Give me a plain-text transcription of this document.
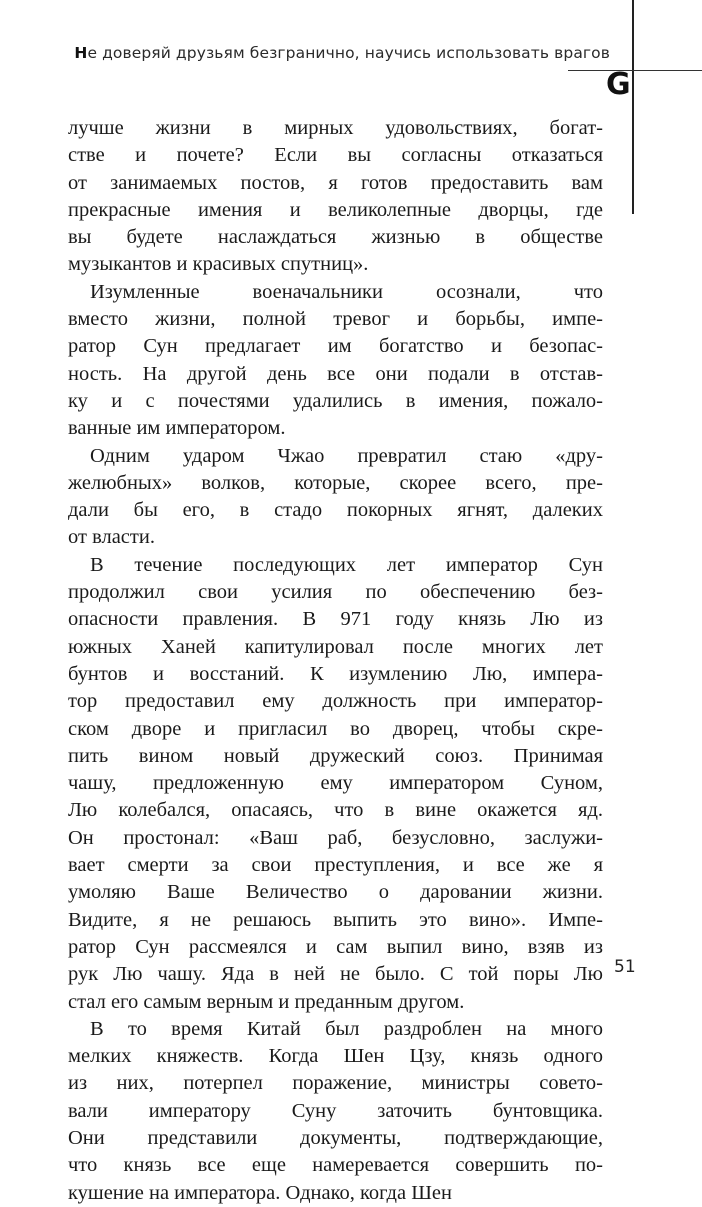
Не доверяй друзьям безгранично, научись использовать врагов
G

лучше жизни в мирных удовольствиях, богат-
стве и почете? Если вы согласны отказаться
от занимаемых постов, я готов предоставить вам
прекрасные имения и великолепные дворцы, где
вы будете наслаждаться жизнью в обществе
музыкантов и красивых спутниц».

Изумленные военачальники осознали, что
вместо жизни, полной тревог и борьбы, импе-
ратор Сун предлагает им богатство и безопас-
ность. На другой день все они подали в отстав-
ку и с почестями удалились в имения, пожало-
ванные им императором.

Одним ударом Чжао превратил стаю «дру-
желюбных» волков, которые, скорее всего, пре-
дали бы его, в стадо покорных ягнят, далеких
от власти.

В течение последующих лет император Сун
продолжил свои усилия по обеспечению без-
опасности правления. В 971 году князь Лю из
южных Ханей капитулировал после многих лет
бунтов и восстаний. К изумлению Лю, импера-
тор предоставил ему должность при император-
ском дворе и пригласил во дворец, чтобы скре-
пить вином новый дружеский союз. Принимая
чашу, предложенную ему императором Суном,
Лю колебался, опасаясь, что в вине окажется яд.
Он простонал: «Ваш раб, безусловно, заслужи-
вает смерти за свои преступления, и все же я
умоляю Ваше Величество о даровании жизни.
Видите, я не решаюсь выпить это вино». Импе-
ратор Сун рассмеялся и сам выпил вино, взяв из
рук Лю чашу. Яда в ней не было. С той поры Лю
стал его самым верным и преданным другом.

В то время Китай был раздроблен на много
мелких княжеств. Когда Шен Цзу, князь одного
из них, потерпел поражение, министры совето-
вали императору Суну заточить бунтовщика.
Они представили документы, подтверждающие,
что князь все еще намеревается совершить по-
кушение на императора. Однако, когда Шен

51
